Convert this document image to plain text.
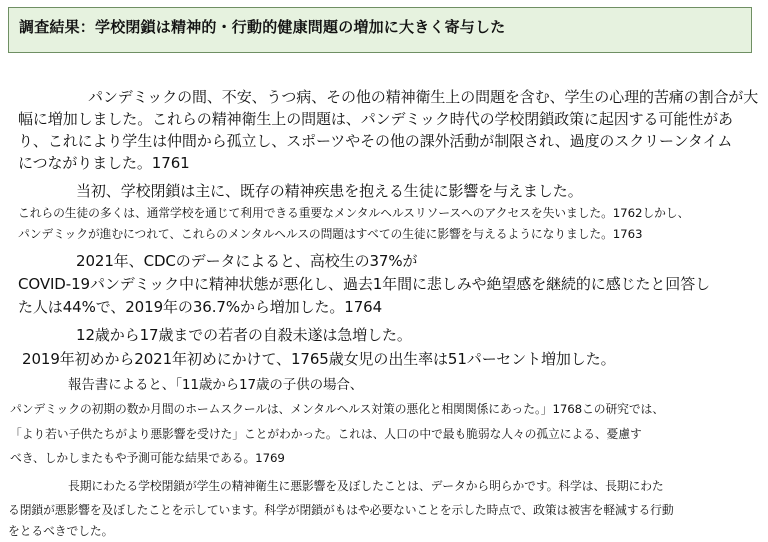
調査結果：学校閉鎖は精神的・行動的健康問題の増加に大きく寄与した
パンデミックの間、不安、うつ病、その他の精神衛生上の問題を含む、学生の心理的苦痛の割合が大
幅に増加しました。これらの精神衛生上の問題は、パンデミック時代の学校閉鎖政策に起因する可能性があ
り、これにより学生は仲間から孤立し、スポーツやその他の課外活動が制限され、過度のスクリーンタイム
につながりました。1761
当初、学校閉鎖は主に、既存の精神疾患を抱える生徒に影響を与えました。
これらの生徒の多くは、通常学校を通じて利用できる重要なメンタルヘルスリソースへのアクセスを失いました。1762しかし、
パンデミックが進むにつれて、これらのメンタルヘルスの問題はすべての生徒に影響を与えるようになりました。1763
2021年、CDCのデータによると、高校生の37%が
COVID-19パンデミック中に精神状態が悪化し、過去1年間に悲しみや絶望感を継続的に感じたと回答し
た人は44%で、2019年の36.7%から増加した。1764
12歳から17歳までの若者の自殺未遂は急増した。
2019年初めから2021年初めにかけて、1765歳女児の出生率は51パーセント増加した。
報告書によると、「11歳から17歳の子供の場合、
パンデミックの初期の数か月間のホームスクールは、メンタルヘルス対策の悪化と相関関係にあった。」1768この研究では、
「より若い子供たちがより悪影響を受けた」ことがわかった。これは、人口の中で最も脆弱な人々の孤立による、憂慮す
べき、しかしまたもや予測可能な結果である。1769
長期にわたる学校閉鎖が学生の精神衛生に悪影響を及ぼしたことは、データから明らかです。科学は、長期にわた
る閉鎖が悪影響を及ぼしたことを示しています。科学が閉鎖がもはや必要ないことを示した時点で、政策は被害を軽減する行動
をとるべきでした。
